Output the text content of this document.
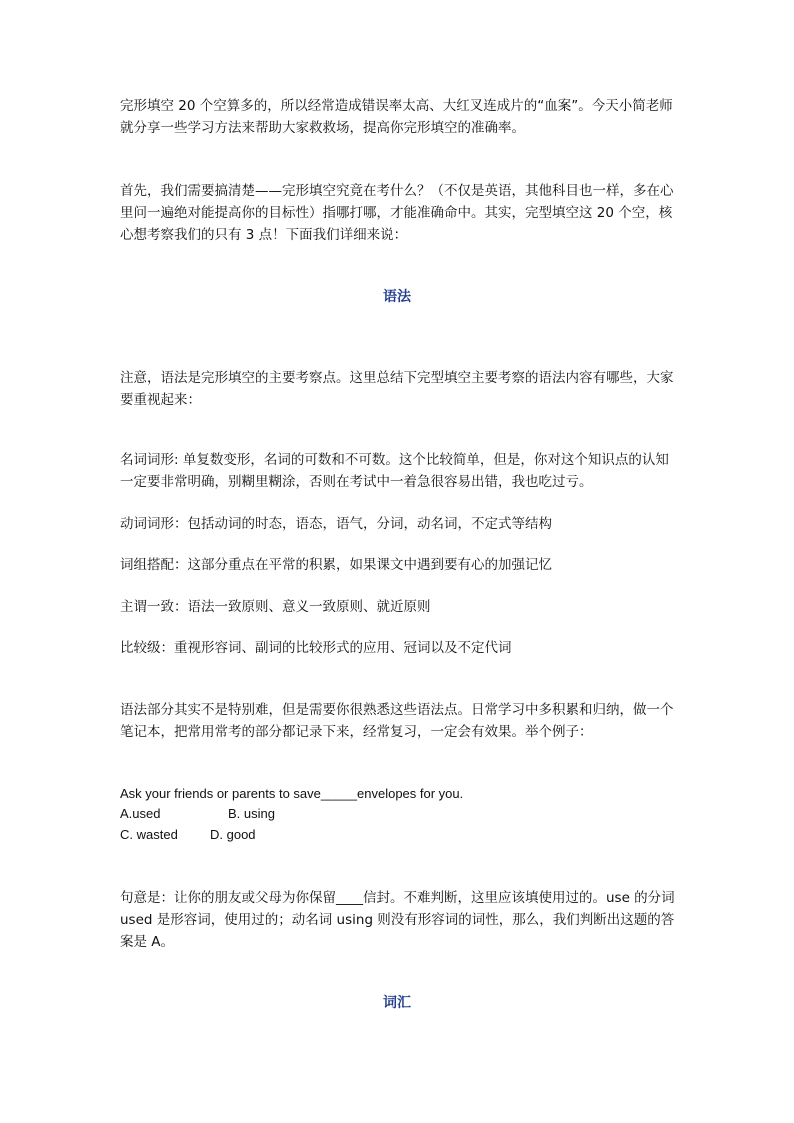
完形填空 20 个空算多的，所以经常造成错误率太高、大红叉连成片的“血案”。今天小简老师就分享一些学习方法来帮助大家救救场，提高你完形填空的准确率。

首先，我们需要搞清楚——完形填空究竟在考什么？（不仅是英语，其他科目也一样，多在心里问一遍绝对能提高你的目标性）指哪打哪，才能准确命中。其实，完型填空这 20 个空，核心想考察我们的只有 3 点！下面我们详细来说：

语法

注意，语法是完形填空的主要考察点。这里总结下完型填空主要考察的语法内容有哪些，大家要重视起来：

名词词形: 单复数变形，名词的可数和不可数。这个比较简单，但是，你对这个知识点的认知一定要非常明确，别糊里糊涂，否则在考试中一着急很容易出错，我也吃过亏。

动词词形：包括动词的时态，语态，语气，分词，动名词，不定式等结构

词组搭配：这部分重点在平常的积累，如果课文中遇到要有心的加强记忆

主谓一致：语法一致原则、意义一致原则、就近原则

比较级：重视形容词、副词的比较形式的应用、冠词以及不定代词

语法部分其实不是特别难，但是需要你很熟悉这些语法点。日常学习中多积累和归纳，做一个笔记本，把常用常考的部分都记录下来，经常复习，一定会有效果。举个例子：

Ask your friends or parents to save_____envelopes for you.

A.used	B. using
C. wasted D. good

句意是：让你的朋友或父母为你保留____信封。不难判断，这里应该填使用过的。use 的分词 used 是形容词，使用过的；动名词 using 则没有形容词的词性，那么，我们判断出这题的答案是 A。

词汇
